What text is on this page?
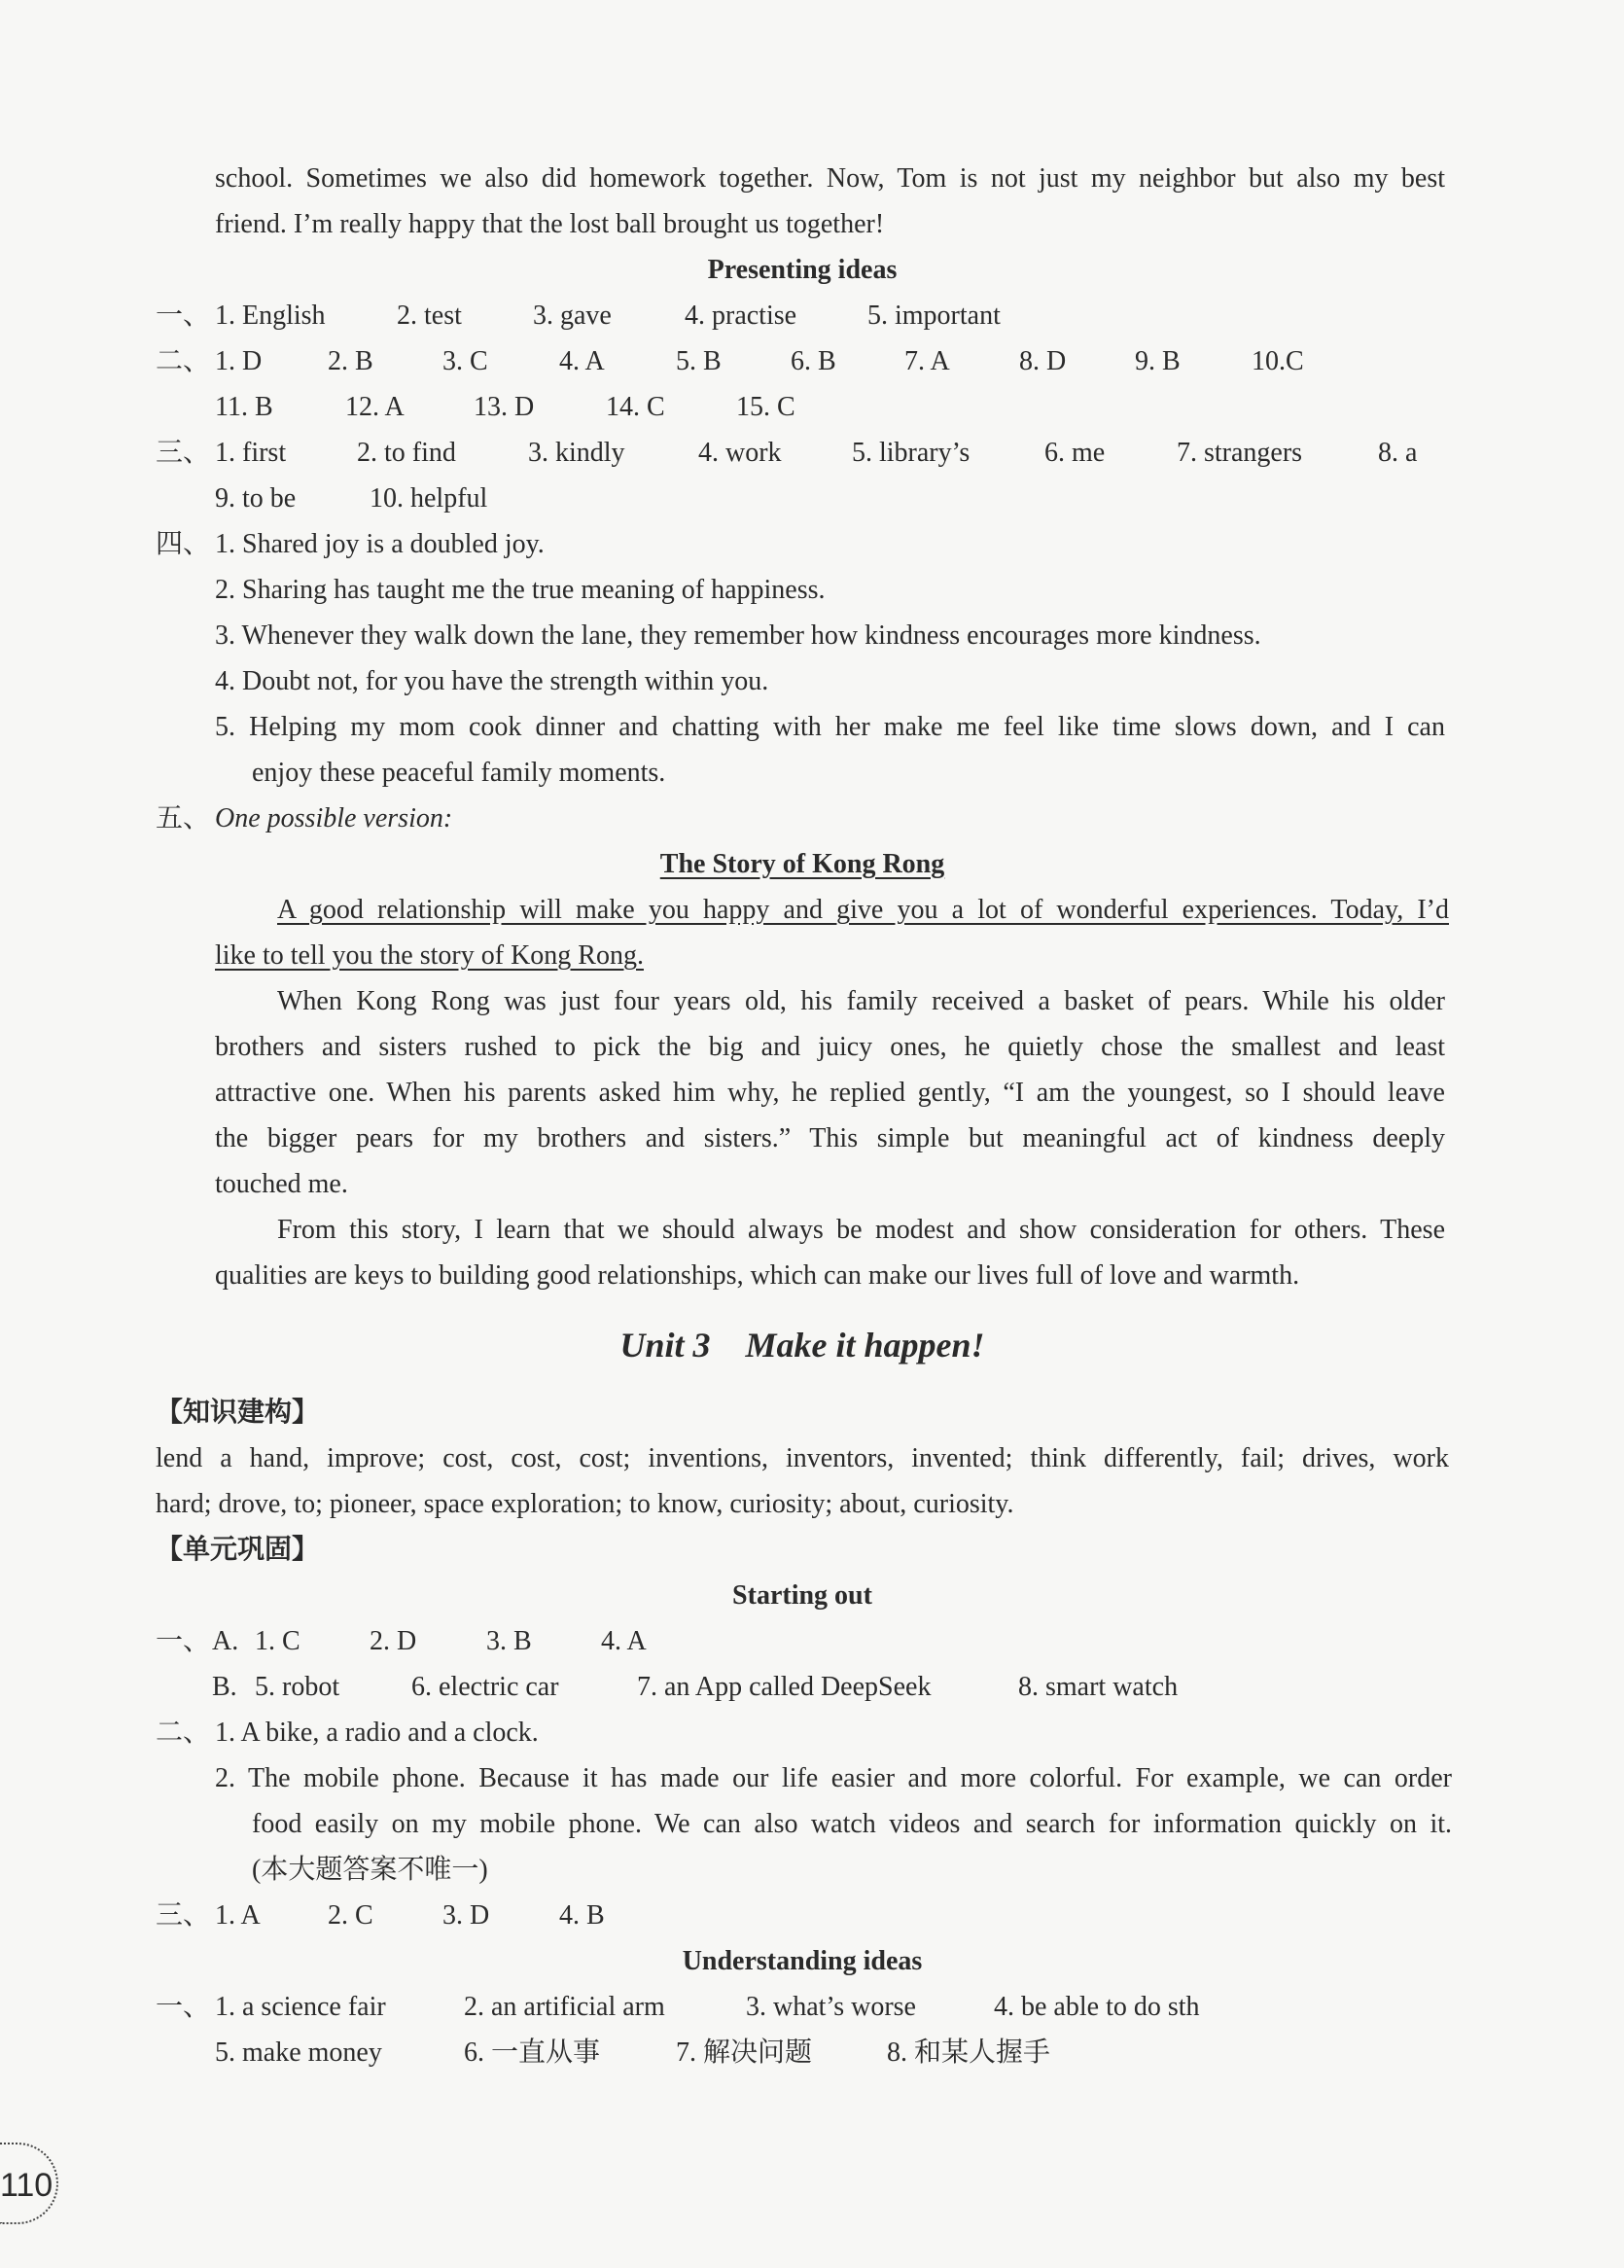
school. Sometimes we also did homework together. Now, Tom is not just my neighbor but also my best
friend. I’m really happy that the lost ball brought us together!
Presenting ideas
一、 1. English	2. test	3. gave	4. practise	5. important
二、 1. D 2. B	3. C	4. A	5. B	6. B	7. A	8. D	9. B	10.C
11. B	12. A	13. D	14. C	15. C
三、 1. first	2. to find	3. kindly	4. work	5. library’s	6. me	7. strangers	8. a
9. to be	10. helpful
四、 1. Shared joy is a doubled joy.
2. Sharing has taught me the true meaning of happiness.
3. Whenever they walk down the lane, they remember how kindness encourages more kindness.
4. Doubt not, for you have the strength within you.
5. Helping my mom cook dinner and chatting with her make me feel like time slows down, and I can
enjoy these peaceful family moments.
五、 One possible version:
The Story of Kong Rong
A good relationship will make you happy and give you a lot of wonderful experiences. Today, I’d
like to tell you the story of Kong Rong.
When Kong Rong was just four years old, his family received a basket of pears. While his older
brothers and sisters rushed to pick the big and juicy ones, he quietly chose the smallest and least
attractive one. When his parents asked him why, he replied gently, “I am the youngest, so I should leave
the bigger pears for my brothers and sisters.” This simple but meaningful act of kindness deeply
touched me.
From this story, I learn that we should always be modest and show consideration for others. These
qualities are keys to building good relationships, which can make our lives full of love and warmth.
Unit 3　Make it happen!
【知识建构】
lend a hand, improve; cost, cost, cost; inventions, inventors, invented; think differently, fail; drives, work
hard; drove, to; pioneer, space exploration; to know, curiosity; about, curiosity.
【单元巩固】
Starting out
一、 A. 1. C	2. D	3. B	4. A
B. 5. robot	6. electric car	7. an App called DeepSeek	8. smart watch
二、 1. A bike, a radio and a clock.
2. The mobile phone. Because it has made our life easier and more colorful. For example, we can order
food easily on my mobile phone. We can also watch videos and search for information quickly on it.
(本大题答案不唯一)
三、 1. A 2. C	3. D	4. B
Understanding ideas
一、 1. a science fair	2. an artificial arm	3. what’s worse	4. be able to do sth
5. make money	6. 一直从事	7. 解决问题	8. 和某人握手
110
